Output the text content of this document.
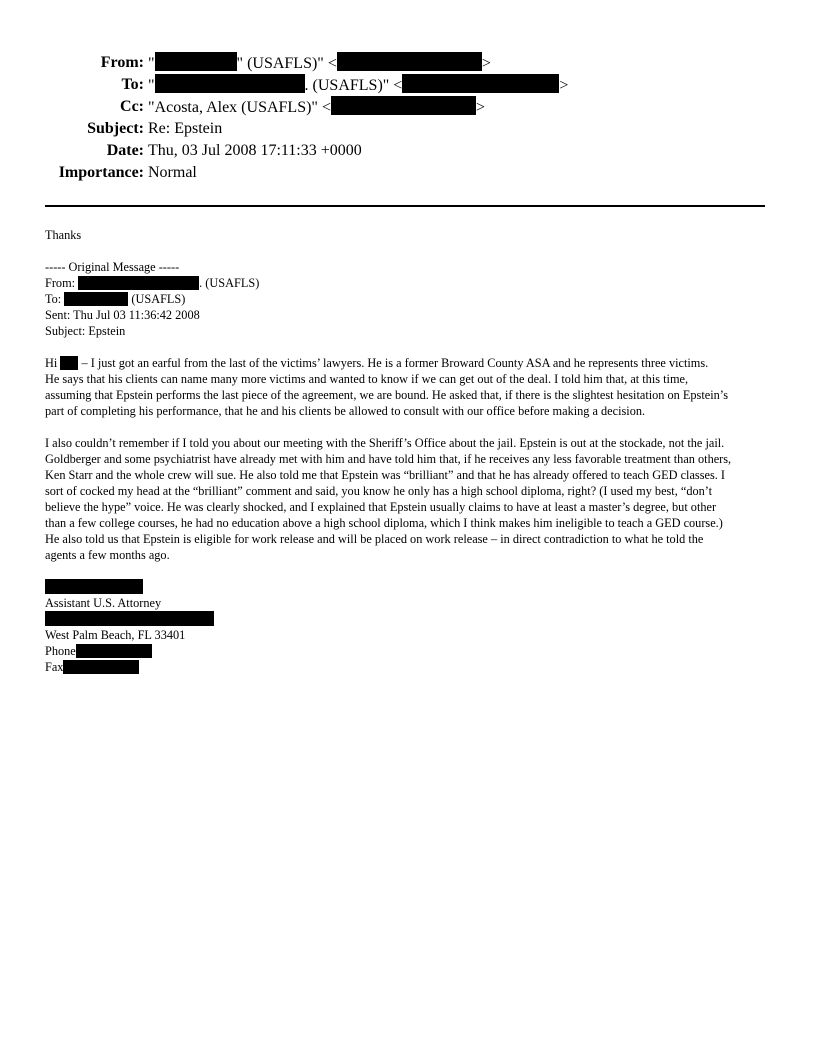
From: "	" (USAFLS)" <	>
To: "	. (USAFLS)" <	>
Cc: "Acosta, Alex (USAFLS)" <	>
Subject: Re: Epstein
Date: Thu, 03 Jul 2008 17:11:33 +0000
Importance: Normal
Thanks
----- Original Message -----
From:	. (USAFLS)
To:	(USAFLS)
Sent: Thu Jul 03 11:36:42 2008
Subject: Epstein
Hi  – I just got an earful from the last of the victims’ lawyers. He is a former Broward County ASA and he represents three victims.
He says that his clients can name many more victims and wanted to know if we can get out of the deal. I told him that, at this time,
assuming that Epstein performs the last piece of the agreement, we are bound. He asked that, if there is the slightest hesitation on Epstein’s
part of completing his performance, that he and his clients be allowed to consult with our office before making a decision.
I also couldn’t remember if I told you about our meeting with the Sheriff’s Office about the jail. Epstein is out at the stockade, not the jail.
Goldberger and some psychiatrist have already met with him and have told him that, if he receives any less favorable treatment than others,
Ken Starr and the whole crew will sue. He also told me that Epstein was “brilliant” and that he has already offered to teach GED classes. I
sort of cocked my head at the “brilliant” comment and said, you know he only has a high school diploma, right? (I used my best, “don’t
believe the hype” voice. He was clearly shocked, and I explained that Epstein usually claims to have at least a master’s degree, but other
than a few college courses, he had no education above a high school diploma, which I think makes him ineligible to teach a GED course.)
He also told us that Epstein is eligible for work release and will be placed on work release – in direct contradiction to what he told the
agents a few months ago.
Assistant U.S. Attorney
West Palm Beach, FL 33401
Phone
Fax
